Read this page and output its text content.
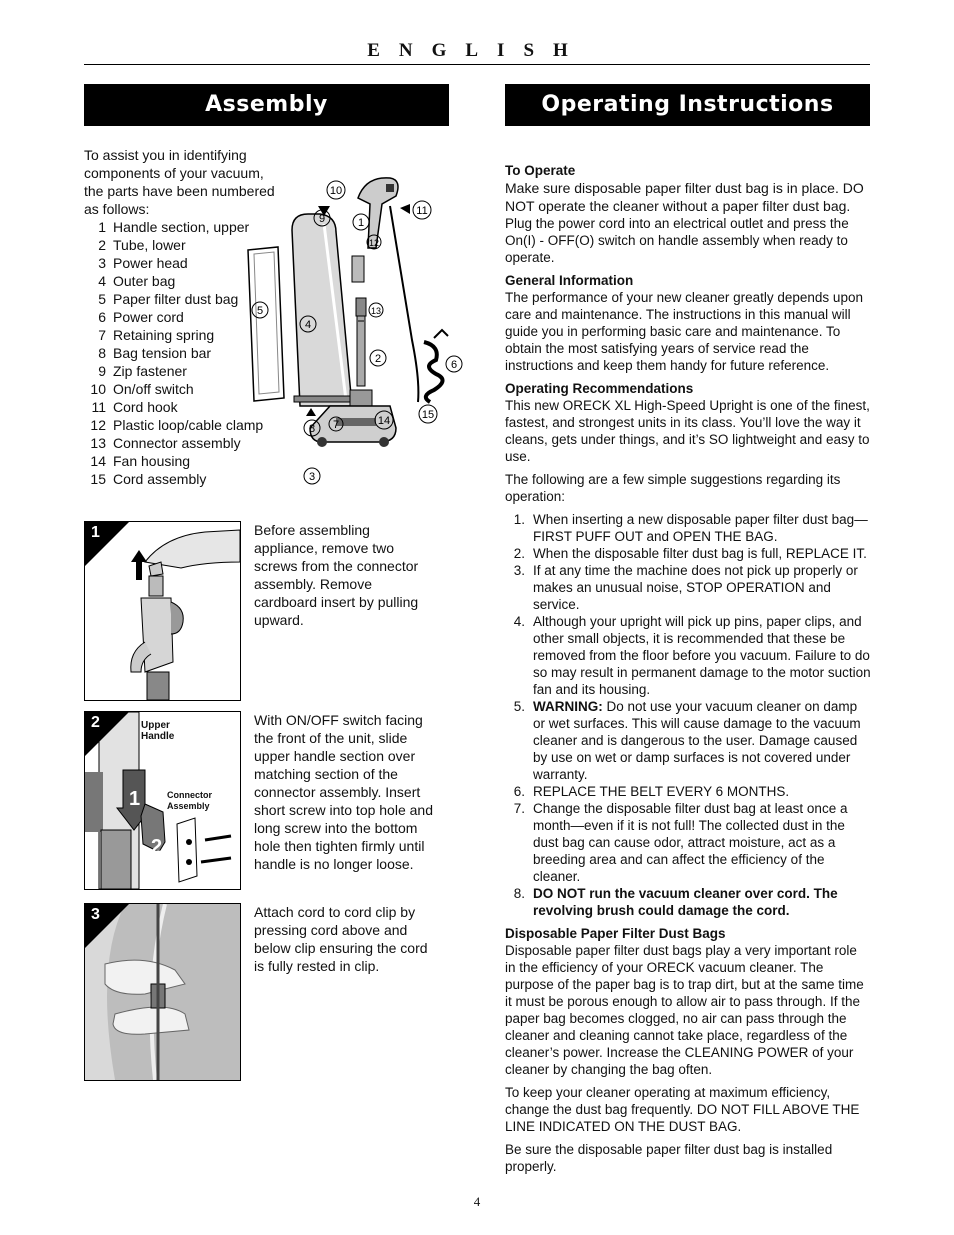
ENGLISH
Assembly	Operating Instructions
To assist you in identifying components of your vacuum, the parts have been numbered as follows:
1 Handle section, upper
2 Tube, lower
3 Power head
4 Outer bag
5 Paper filter dust bag
6 Power cord
7 Retaining spring
8 Bag tension bar
9 Zip fastener
10 On/off switch
11 Cord hook
12 Plastic loop/cable clamp
13 Connector assembly
14 Fan housing
15 Cord assembly
10
9	1
11
12
5
4
13
2	6
8 7	14	15
3
1	Before assembling appliance, remove two screws from the connector assembly. Remove cardboard insert by pulling upward.
2
1
2
Upper
Handle
Connector
Assembly
With ON/OFF switch facing the front of the unit, slide upper handle section over matching section of the connector assembly. Insert short screw into top hole and long screw into the bottom hole then tighten firmly until handle is no longer loose.
3	Attach cord to cord clip by pressing cord above and below clip ensuring the cord is fully rested in clip.
To Operate

Make sure disposable paper filter dust bag is in place. DO NOT operate the cleaner without a paper filter dust bag.

Plug the power cord into an electrical outlet and press the On(I) - OFF(O) switch on handle assembly when ready to operate.

General Information

The performance of your new cleaner greatly depends upon care and maintenance. The instructions in this manual will guide you in performing basic care and maintenance. To obtain the most satisfying years of service read the instructions and keep them handy for future reference.

Operating Recommendations

This new ORECK XL High-Speed Upright is one of the finest, fastest, and strongest units in its class. You’ll love the way it cleans, gets under things, and it’s SO lightweight and easy to use.

The following are a few simple suggestions regarding its operation:

1. When inserting a new disposable paper filter dust bag—FIRST PUFF OUT and OPEN THE BAG.
2. When the disposable filter dust bag is full, REPLACE IT.
3. If at any time the machine does not pick up properly or makes an unusual noise, STOP OPERATION and service.
4. Although your upright will pick up pins, paper clips, and other small objects, it is recommended that these be removed from the floor before you vacuum. Failure to do so may result in permanent damage to the motor suction fan and its housing.
5. WARNING: Do not use your vacuum cleaner on damp or wet surfaces. This will cause damage to the vacuum cleaner and is dangerous to the user. Damage caused by use on wet or damp surfaces is not covered under warranty.
6. REPLACE THE BELT EVERY 6 MONTHS.
7. Change the disposable filter dust bag at least once a month—even if it is not full! The collected dust in the dust bag can cause odor, attract moisture, act as a breeding area and can affect the efficiency of the cleaner.
8. DO NOT run the vacuum cleaner over cord. The revolving brush could damage the cord.
Disposable Paper Filter Dust Bags

Disposable paper filter dust bags play a very important role in the efficiency of your ORECK vacuum cleaner. The purpose of the paper bag is to trap dirt, but at the same time it must be porous enough to allow air to pass through. If the paper bag becomes clogged, no air can pass through the cleaner and cleaning cannot take place, regardless of the cleaner’s power. Increase the CLEANING POWER of your cleaner by changing the bag often.

To keep your cleaner operating at maximum efficiency, change the dust bag frequently. DO NOT FILL ABOVE THE LINE INDICATED ON THE DUST BAG.

Be sure the disposable paper filter dust bag is installed properly.

4
